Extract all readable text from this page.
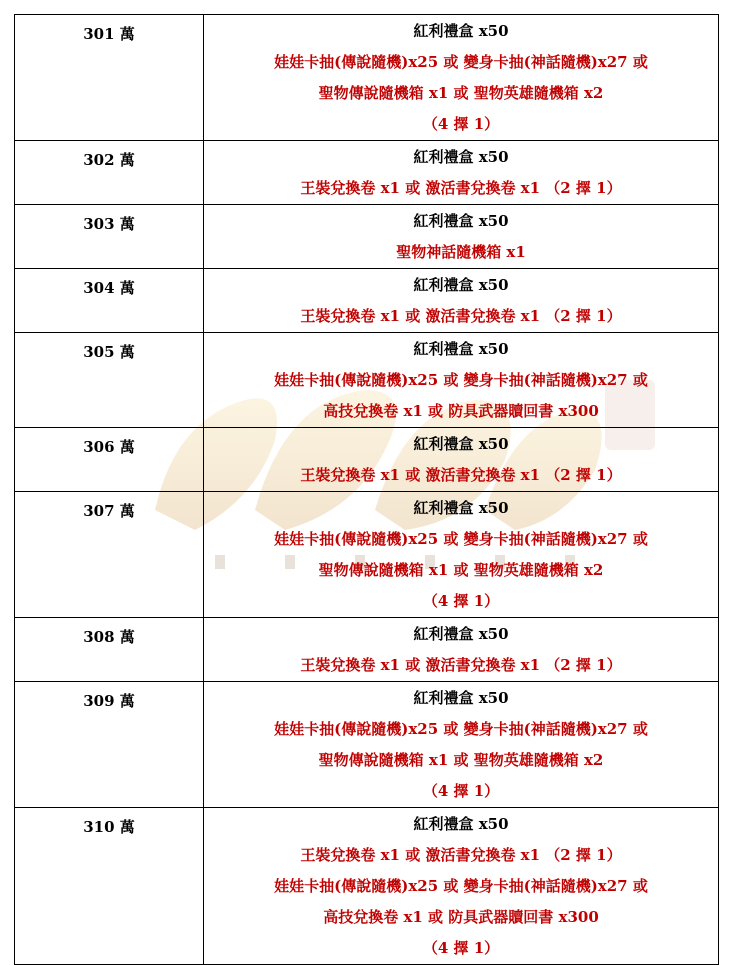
301 萬	紅利禮盒 x50
娃娃卡抽(傳說隨機)x25 或 變身卡抽(神話隨機)x27 或
聖物傳說隨機箱 x1 或 聖物英雄隨機箱 x2
（4 擇 1）

302 萬	紅利禮盒 x50
王裝兌換卷 x1 或 激活書兌換卷 x1 （2 擇 1）

303 萬	紅利禮盒 x50
聖物神話隨機箱 x1

304 萬	紅利禮盒 x50
王裝兌換卷 x1 或 激活書兌換卷 x1 （2 擇 1）

305 萬	紅利禮盒 x50
娃娃卡抽(傳說隨機)x25 或 變身卡抽(神話隨機)x27 或
高技兌換卷 x1 或 防具武器贖回書 x300

306 萬	紅利禮盒 x50
王裝兌換卷 x1 或 激活書兌換卷 x1 （2 擇 1）

307 萬	紅利禮盒 x50
娃娃卡抽(傳說隨機)x25 或 變身卡抽(神話隨機)x27 或
聖物傳說隨機箱 x1 或 聖物英雄隨機箱 x2
（4 擇 1）

308 萬	紅利禮盒 x50
王裝兌換卷 x1 或 激活書兌換卷 x1 （2 擇 1）

309 萬	紅利禮盒 x50
娃娃卡抽(傳說隨機)x25 或 變身卡抽(神話隨機)x27 或
聖物傳說隨機箱 x1 或 聖物英雄隨機箱 x2
（4 擇 1）

310 萬	紅利禮盒 x50
王裝兌換卷 x1 或 激活書兌換卷 x1 （2 擇 1）
娃娃卡抽(傳說隨機)x25 或 變身卡抽(神話隨機)x27 或
高技兌換卷 x1 或 防具武器贖回書 x300
（4 擇 1）
